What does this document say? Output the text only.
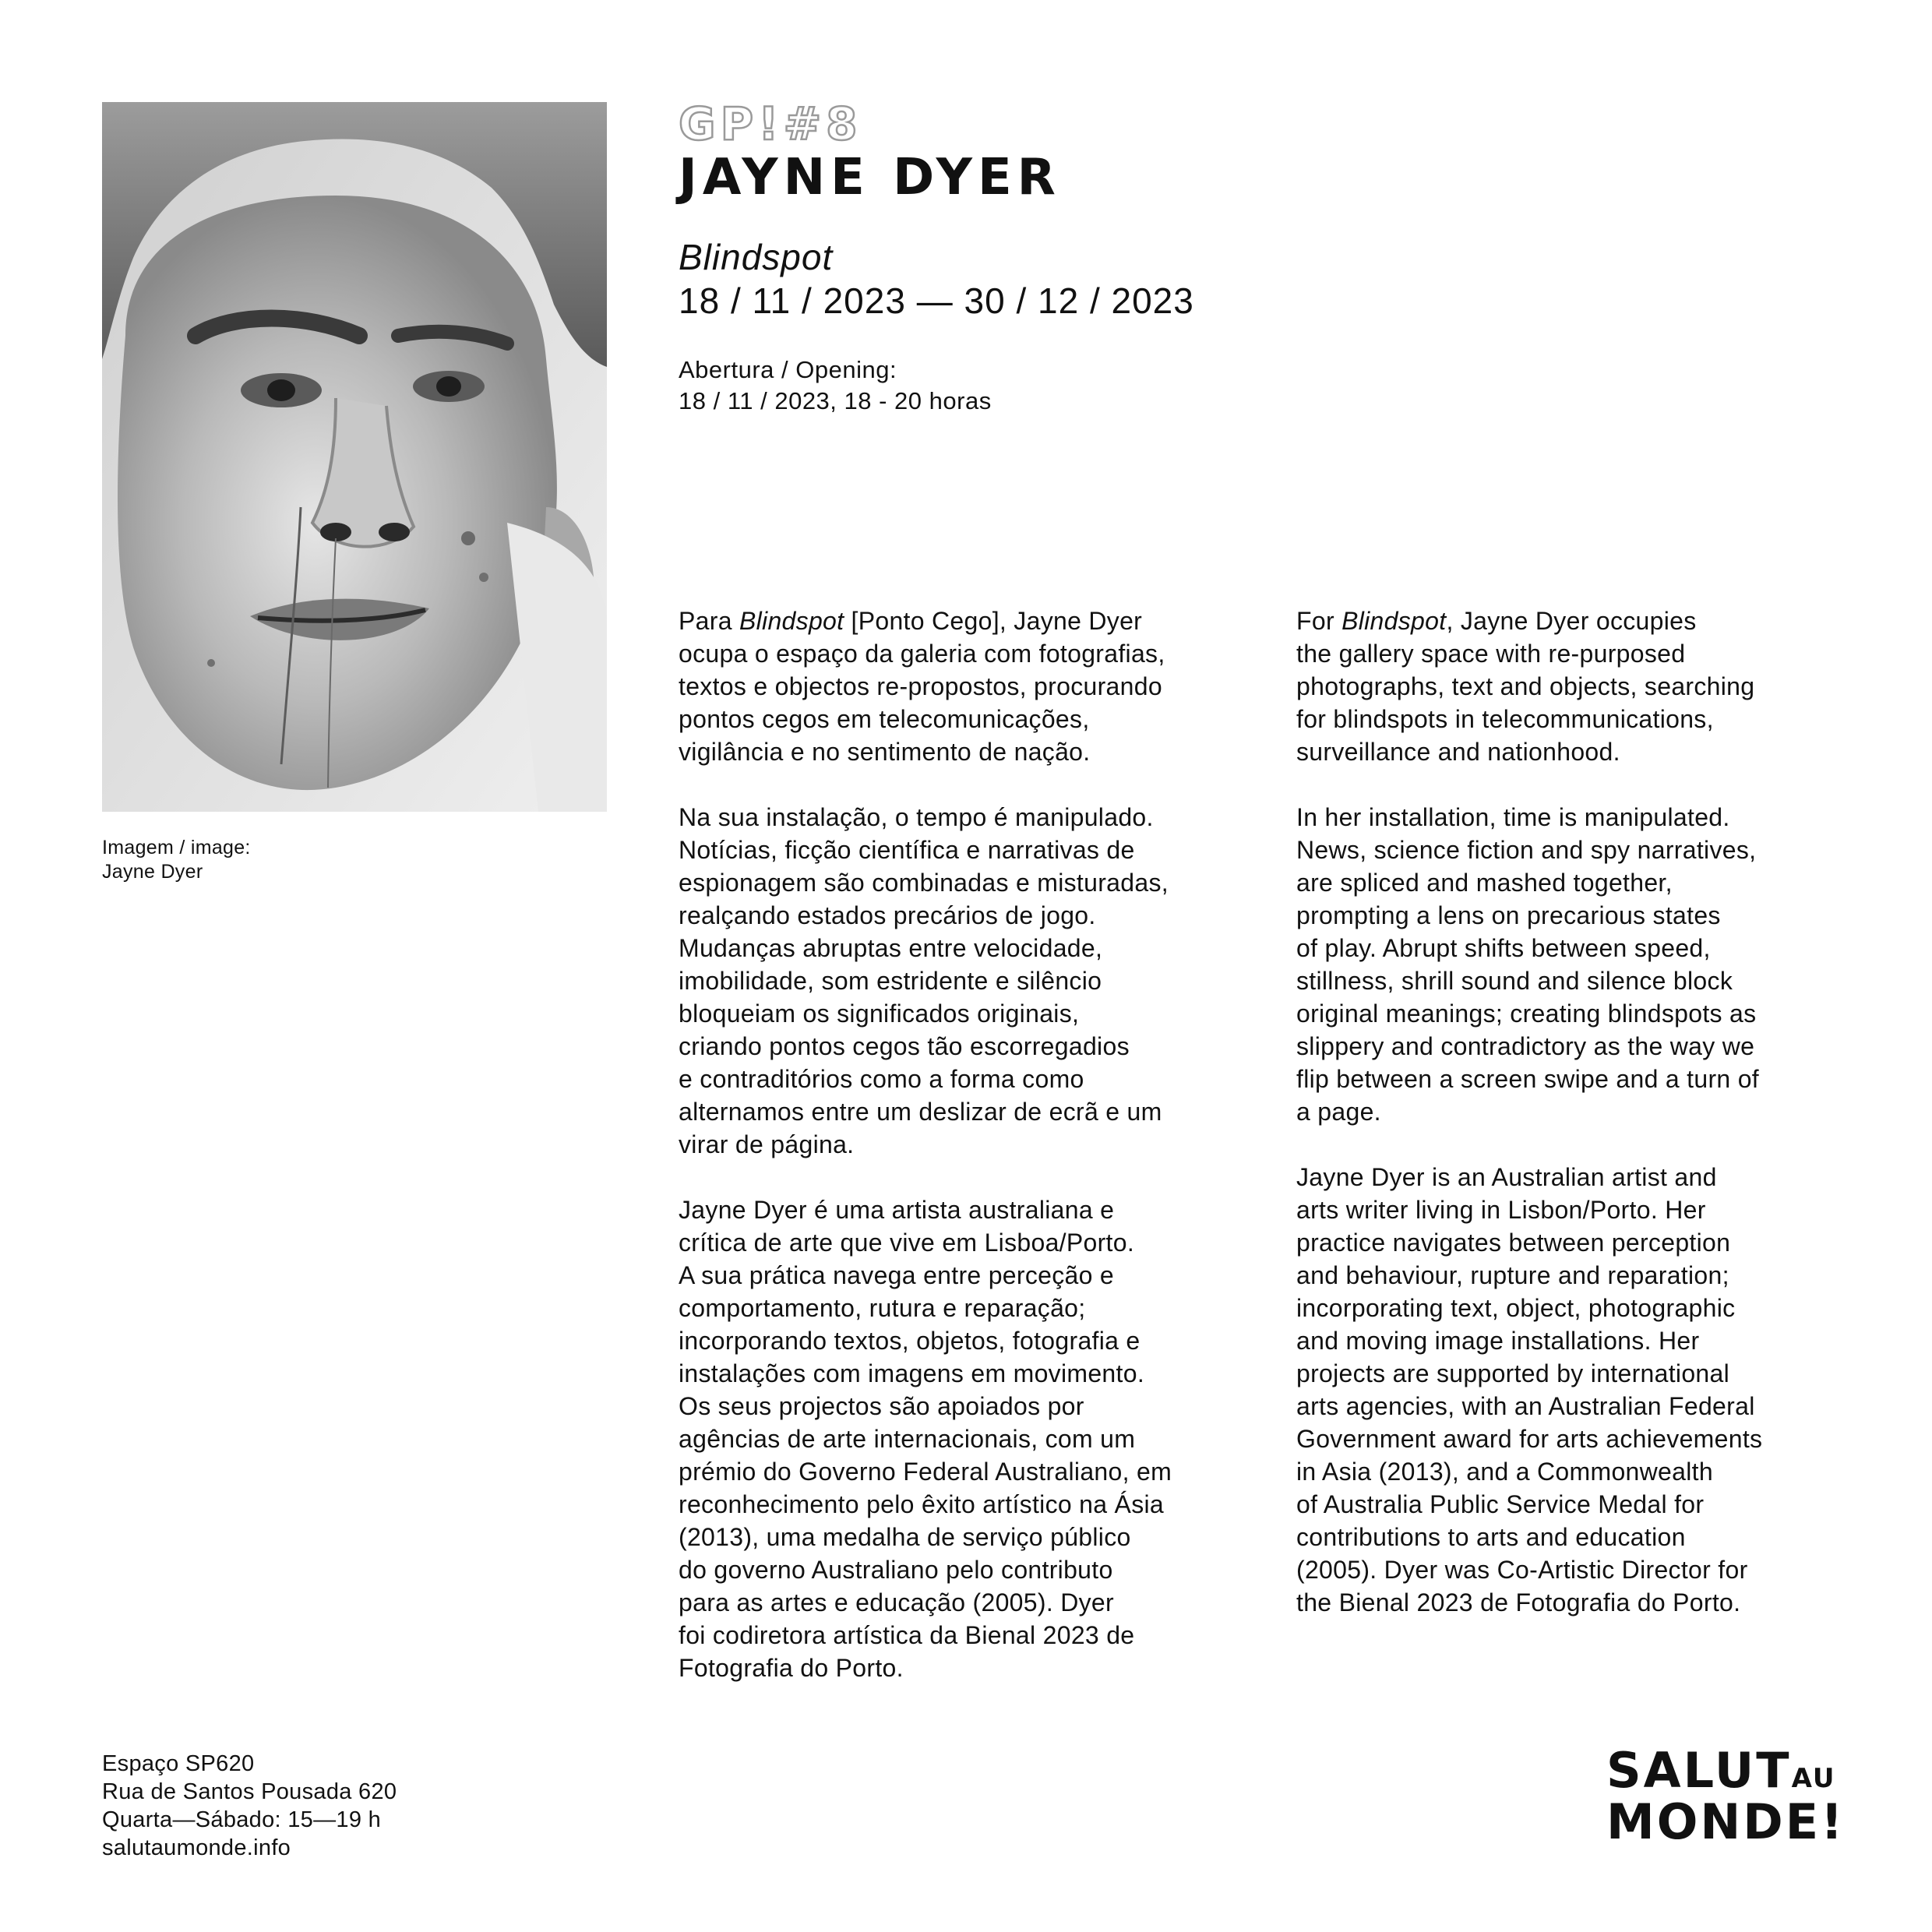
Imagem / image:
Jayne Dyer
GP!#8
JAYNE DYER
Blindspot
18 / 11 / 2023 — 30 / 12 / 2023
Abertura / Opening:
18 / 11 / 2023, 18 - 20 horas

Para Blindspot [Ponto Cego], Jayne Dyer
ocupa o espaço da galeria com fotografias,
textos e objectos re-propostos, procurando
pontos cegos em telecomunicações,
vigilância e no sentimento de nação.

Na sua instalação, o tempo é manipulado.
Notícias, ficção científica e narrativas de
espionagem são combinadas e misturadas,
realçando estados precários de jogo.
Mudanças abruptas entre velocidade,
imobilidade, som estridente e silêncio
bloqueiam os significados originais,
criando pontos cegos tão escorregadios
e contraditórios como a forma como
alternamos entre um deslizar de ecrã e um
virar de página.

Jayne Dyer é uma artista australiana e
crítica de arte que vive em Lisboa/Porto.
A sua prática navega entre perceção e
comportamento, rutura e reparação;
incorporando textos, objetos, fotografia e
instalações com imagens em movimento.
Os seus projectos são apoiados por
agências de arte internacionais, com um
prémio do Governo Federal Australiano, em
reconhecimento pelo êxito artístico na Ásia
(2013), uma medalha de serviço público
do governo Australiano pelo contributo
para as artes e educação (2005). Dyer
foi codiretora artística da Bienal 2023 de
Fotografia do Porto.

For Blindspot, Jayne Dyer occupies
the gallery space with re-purposed
photographs, text and objects, searching
for blindspots in telecommunications,
surveillance and nationhood.

In her installation, time is manipulated.
News, science fiction and spy narratives,
are spliced and mashed together,
prompting a lens on precarious states
of play. Abrupt shifts between speed,
stillness, shrill sound and silence block
original meanings; creating blindspots as
slippery and contradictory as the way we
flip between a screen swipe and a turn of
a page.

Jayne Dyer is an Australian artist and
arts writer living in Lisbon/Porto. Her
practice navigates between perception
and behaviour, rupture and reparation;
incorporating text, object, photographic
and moving image installations. Her
projects are supported by international
arts agencies, with an Australian Federal
Government award for arts achievements
in Asia (2013), and a Commonwealth
of Australia Public Service Medal for
contributions to arts and education
(2005). Dyer was Co-Artistic Director for
the Bienal 2023 de Fotografia do Porto.

Espaço SP620
Rua de Santos Pousada 620
Quarta—Sábado: 15—19 h
salutaumonde.info
SALUTAU
MONDE!
